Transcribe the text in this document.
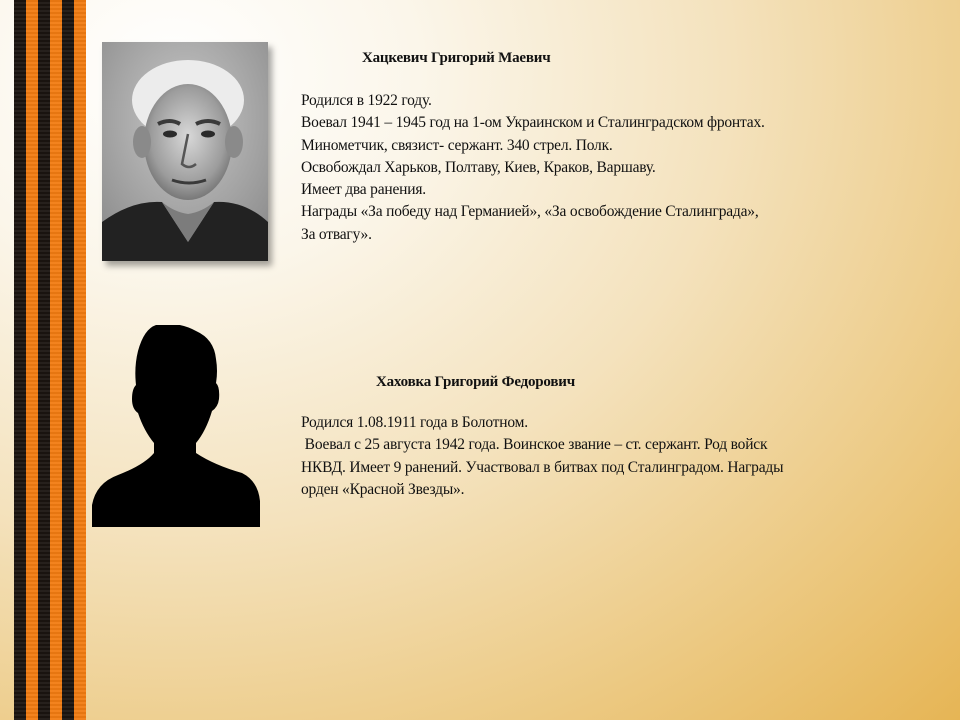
Хацкевич Григорий Маевич
Родился в 1922 году.
Воевал 1941 – 1945 год на 1-ом Украинском и Сталинградском фронтах.
Минометчик, связист- сержант. 340 стрел. Полк.
Освобождал Харьков, Полтаву, Киев, Краков, Варшаву.
Имеет два ранения.
Награды «За победу над Германией», «За освобождение Сталинграда»,
За отвагу».
Хаховка Григорий Федорович
Родился 1.08.1911 года в Болотном.
Воевал с 25 августа 1942 года. Воинское звание – ст. сержант. Род войск
НКВД. Имеет 9 ранений. Участвовал в битвах под Сталинградом. Награды
орден «Красной Звезды».
